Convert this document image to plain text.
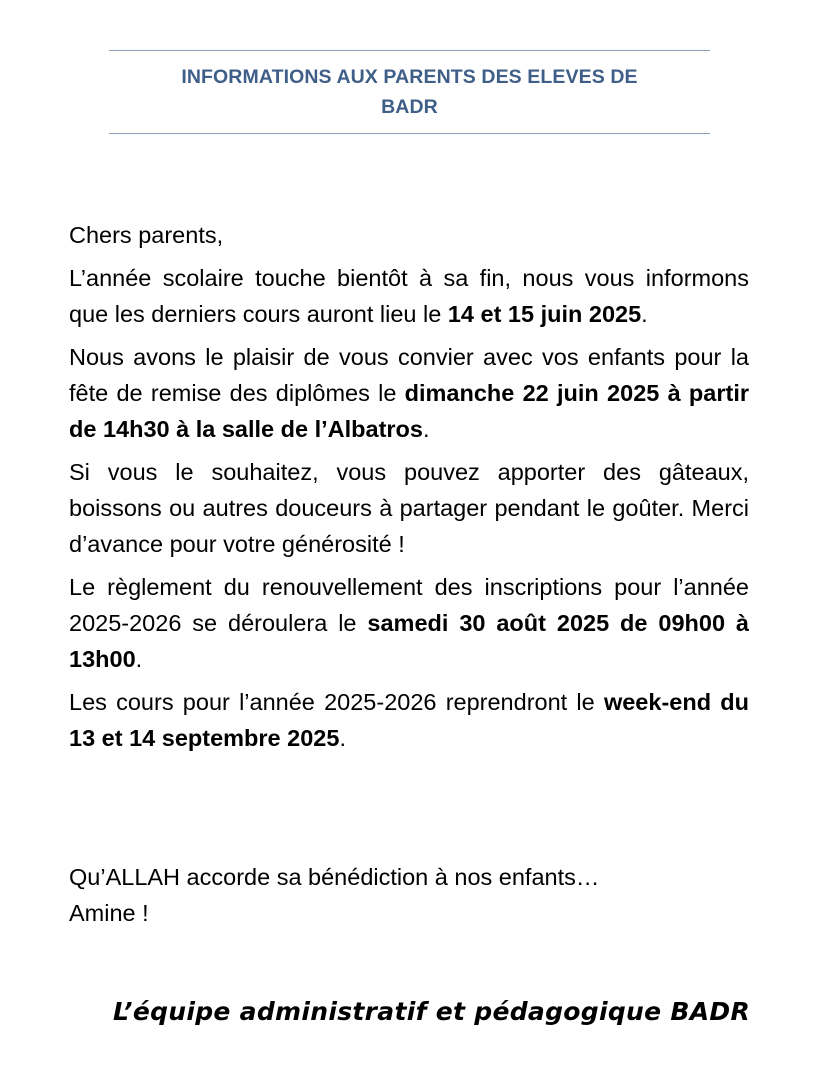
INFORMATIONS AUX PARENTS DES ELEVES DE
BADR

Chers parents,

L’année scolaire touche bientôt à sa fin, nous vous informons que les derniers cours auront lieu le 14 et 15 juin 2025.

Nous avons le plaisir de vous convier avec vos enfants pour la fête de remise des diplômes le dimanche 22 juin 2025 à partir de 14h30 à la salle de l’Albatros.

Si vous le souhaitez, vous pouvez apporter des gâteaux, boissons ou autres douceurs à partager pendant le goûter. Merci d’avance pour votre générosité !

Le règlement du renouvellement des inscriptions pour l’année 2025-2026 se déroulera le samedi 30 août 2025 de 09h00 à 13h00.

Les cours pour l’année 2025-2026 reprendront le week-end du 13 et 14 septembre 2025.

Qu’ALLAH accorde sa bénédiction à nos enfants…

Amine !

L’équipe administratif et pédagogique BADR
